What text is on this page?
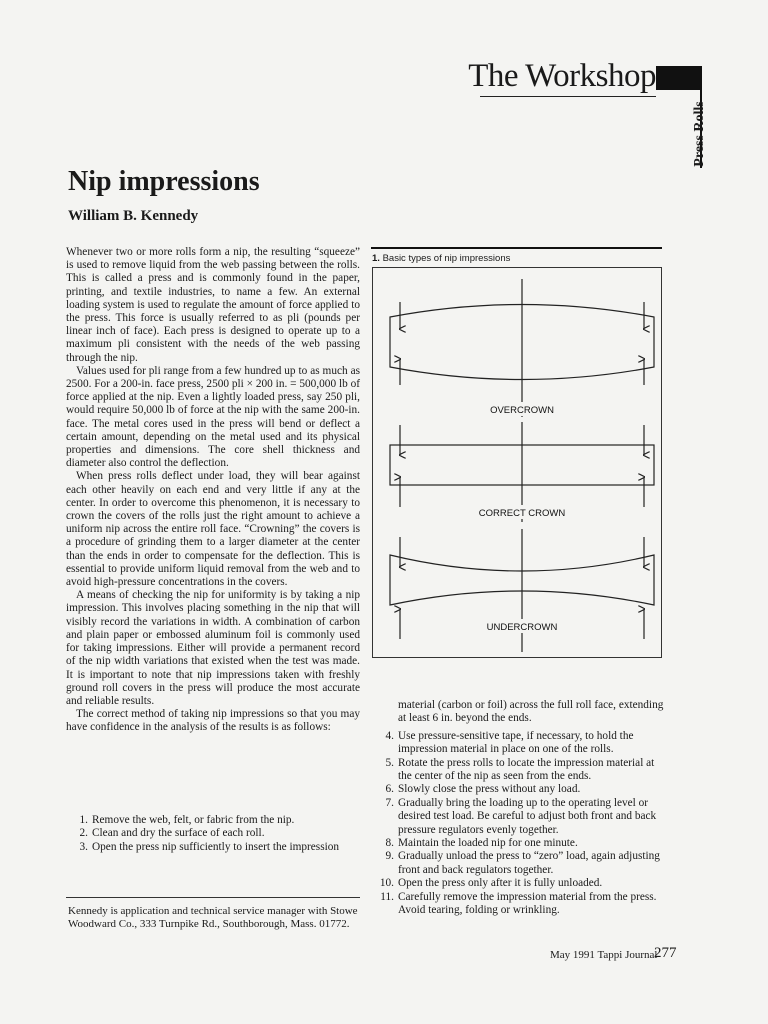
The Workshop
Press Rolls
Nip impressions
William B. Kennedy

Whenever two or more rolls form a nip, the resulting “squeeze” is used to remove liquid from the web passing between the rolls. This is called a press and is commonly found in the paper, printing, and textile industries, to name a few. An external loading system is used to regulate the amount of force applied to the press. This force is usually referred to as pli (pounds per linear inch of face). Each press is designed to operate up to a maximum pli consistent with the needs of the web passing through the nip.

Values used for pli range from a few hundred up to as much as 2500. For a 200-in. face press, 2500 pli × 200 in. = 500,000 lb of force applied at the nip. Even a lightly loaded press, say 250 pli, would require 50,000 lb of force at the nip with the same 200-in. face. The metal cores used in the press will bend or deflect a certain amount, depending on the metal used and its physical properties and dimensions. The core shell thickness and diameter also control the deflection.

When press rolls deflect under load, they will bear against each other heavily on each end and very little if any at the center. In order to overcome this phenomenon, it is necessary to crown the covers of the rolls just the right amount to achieve a uniform nip across the entire roll face. “Crowning” the covers is a procedure of grinding them to a larger diameter at the center than the ends in order to compensate for the deflection. This is essential to provide uniform liquid removal from the web and to avoid high-pressure concentrations in the covers.

A means of checking the nip for uniformity is by taking a nip impression. This involves placing something in the nip that will visibly record the variations in width. A combination of carbon and plain paper or embossed aluminum foil is commonly used for taking impressions. Either will provide a permanent record of the nip width variations that existed when the test was made. It is important to note that nip impressions taken with freshly ground roll covers in the press will produce the most accurate and reliable results.

The correct method of taking nip impressions so that you may have confidence in the analysis of the results is as follows:

1. Remove the web, felt, or fabric from the nip.
2. Clean and dry the surface of each roll.
3. Open the press nip sufficiently to insert the impression
Kennedy is application and technical service manager with Stowe Woodward Co., 333 Turnpike Rd., Southborough, Mass. 01772.
1. Basic types of nip impressions
OVERCROWN
CORRECT CROWN
UNDERCROWN
material (carbon or foil) across the full roll face, extending at least 6 in. beyond the ends.
4. Use pressure-sensitive tape, if necessary, to hold the impression material in place on one of the rolls.
5. Rotate the press rolls to locate the impression material at the center of the nip as seen from the ends.
6. Slowly close the press without any load.
7. Gradually bring the loading up to the operating level or desired test load. Be careful to adjust both front and back pressure regulators evenly together.
8. Maintain the loaded nip for one minute.
9. Gradually unload the press to “zero” load, again adjusting front and back regulators together.
10. Open the press only after it is fully unloaded.
11. Carefully remove the impression material from the press. Avoid tearing, folding or wrinkling.
May 1991 Tappi Journal
277
